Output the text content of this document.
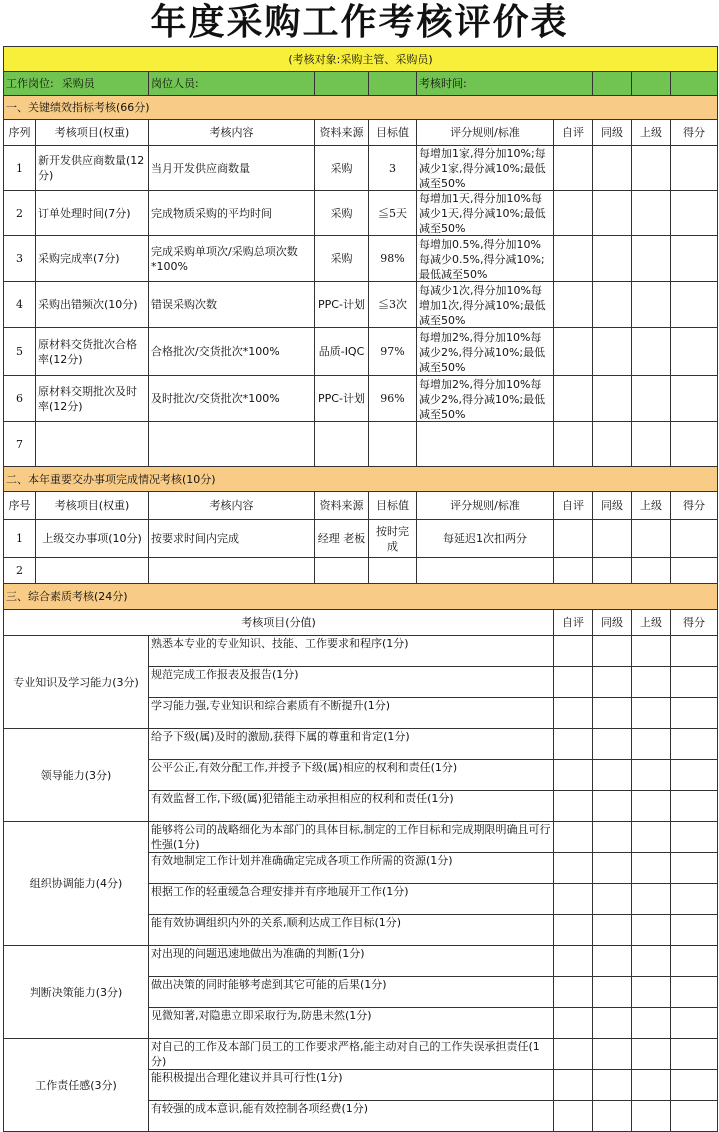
年度采购工作考核评价表
(考核对象:采购主管、采购员)									
工作岗位: 采购员		岗位人员:			考核时间:				
一、关键绩效指标考核(66分)									
序列	考核项目(权重)	考核内容	资料来源	目标值	评分规则/标准	自评	同级	上级	得分
1	新开发供应商数量(12分)	当月开发供应商数量	采购	3	每增加1家,得分加10%;每减少1家,得分减10%;最低减至50%				

2	订单处理时间(7分)	完成物质采购的平均时间	采购	≦5天	每增加1天,得分加10%每减少1天,得分减10%;最低减至50%				

3	采购完成率(7分)	完成采购单项次/采购总项次数*100%	采购	98%	每增加0.5%,得分加10%每减少0.5%,得分减10%;最低减至50%				

4	采购出错频次(10分)	错误采购次数	PPC-计划	≦3次	每减少1次,得分加10%每增加1次,得分减10%;最低减至50%				

5	原材料交货批次合格率(12分)	合格批次/交货批次*100%	品质-IQC	97%	每增加2%,得分加10%每减少2%,得分减10%;最低减至50%				

6	原材料交期批次及时率(12分)	及时批次/交货批次*100%	PPC-计划	96%	每增加2%,得分加10%每减少2%,得分减10%;最低减至50%				

7					

二、本年重要交办事项完成情况考核(10分)									
序号	考核项目(权重)	考核内容	资料来源	目标值	评分规则/标准	自评	同级	上级	得分
1	上级交办事项(10分)	按要求时间内完成	经理 老板	按时完成	每延迟1次扣两分				
2									
三、综合素质考核(24分)									
考核项目(分值)						自评	同级	上级	得分
专业知识及学习能力(3分)		熟悉本专业的专业知识、技能、工作要求和程序(1分)							

		规范完成工作报表及报告(1分)							

		学习能力强,专业知识和综合素质有不断提升(1分)							

领导能力(3分)		给予下级(属)及时的激励,获得下属的尊重和肯定(1分)							

		公平公正,有效分配工作,并授予下级(属)相应的权利和责任(1分)							

		有效监督工作,下级(属)犯错能主动承担相应的权利和责任(1分)							

组织协调能力(4分)		能够将公司的战略细化为本部门的具体目标,制定的工作目标和完成期限明确且可行性强(1分)							

		有效地制定工作计划并准确确定完成各项工作所需的资源(1分)							

		根据工作的轻重缓急合理安排并有序地展开工作(1分)							

		能有效协调组织内外的关系,顺利达成工作目标(1分)							

判断决策能力(3分)		对出现的问题迅速地做出为准确的判断(1分)							

		做出决策的同时能够考虑到其它可能的后果(1分)							

		见微知著,对隐患立即采取行为,防患未然(1分)							

工作责任感(3分)		对自己的工作及本部门员工的工作要求严格,能主动对自己的工作失误承担责任(1分)							

		能积极提出合理化建议并具可行性(1分)							

		有较强的成本意识,能有效控制各项经费(1分)							
